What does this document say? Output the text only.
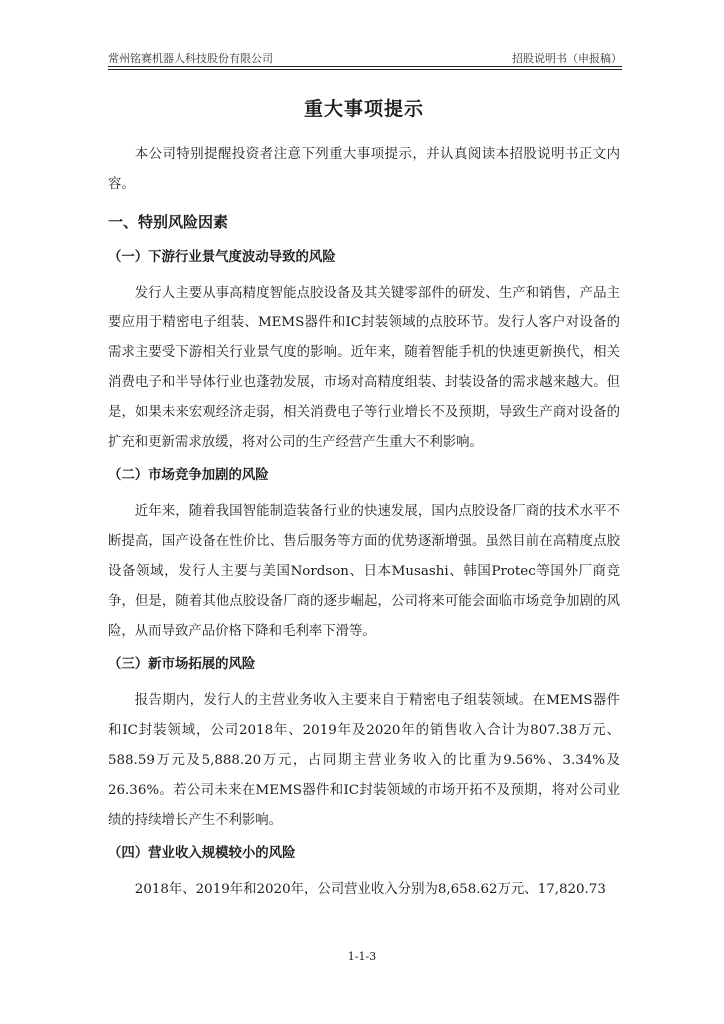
常州铭赛机器人科技股份有限公司	招股说明书（申报稿）
重大事项提示

本公司特别提醒投资者注意下列重大事项提示，并认真阅读本招股说明书正文内容。

一、特别风险因素
（一）下游行业景气度波动导致的风险

发行人主要从事高精度智能点胶设备及其关键零部件的研发、生产和销售，产品主要应用于精密电子组装、MEMS器件和IC封装领域的点胶环节。发行人客户对设备的需求主要受下游相关行业景气度的影响。近年来，随着智能手机的快速更新换代，相关消费电子和半导体行业也蓬勃发展，市场对高精度组装、封装设备的需求越来越大。但是，如果未来宏观经济走弱，相关消费电子等行业增长不及预期，导致生产商对设备的扩充和更新需求放缓，将对公司的生产经营产生重大不利影响。

（二）市场竞争加剧的风险

近年来，随着我国智能制造装备行业的快速发展，国内点胶设备厂商的技术水平不断提高，国产设备在性价比、售后服务等方面的优势逐渐增强。虽然目前在高精度点胶设备领域，发行人主要与美国Nordson、日本Musashi、韩国Protec等国外厂商竞争，但是，随着其他点胶设备厂商的逐步崛起，公司将来可能会面临市场竞争加剧的风险，从而导致产品价格下降和毛利率下滑等。

（三）新市场拓展的风险

报告期内，发行人的主营业务收入主要来自于精密电子组装领域。在MEMS器件和IC封装领域，公司2018年、2019年及2020年的销售收入合计为807.38万元、588.59万元及5,888.20万元，占同期主营业务收入的比重为9.56%、3.34%及26.36%。若公司未来在MEMS器件和IC封装领域的市场开拓不及预期，将对公司业绩的持续增长产生不利影响。

（四）营业收入规模较小的风险

2018年、2019年和2020年，公司营业收入分别为8,658.62万元、17,820.73

1-1-3
